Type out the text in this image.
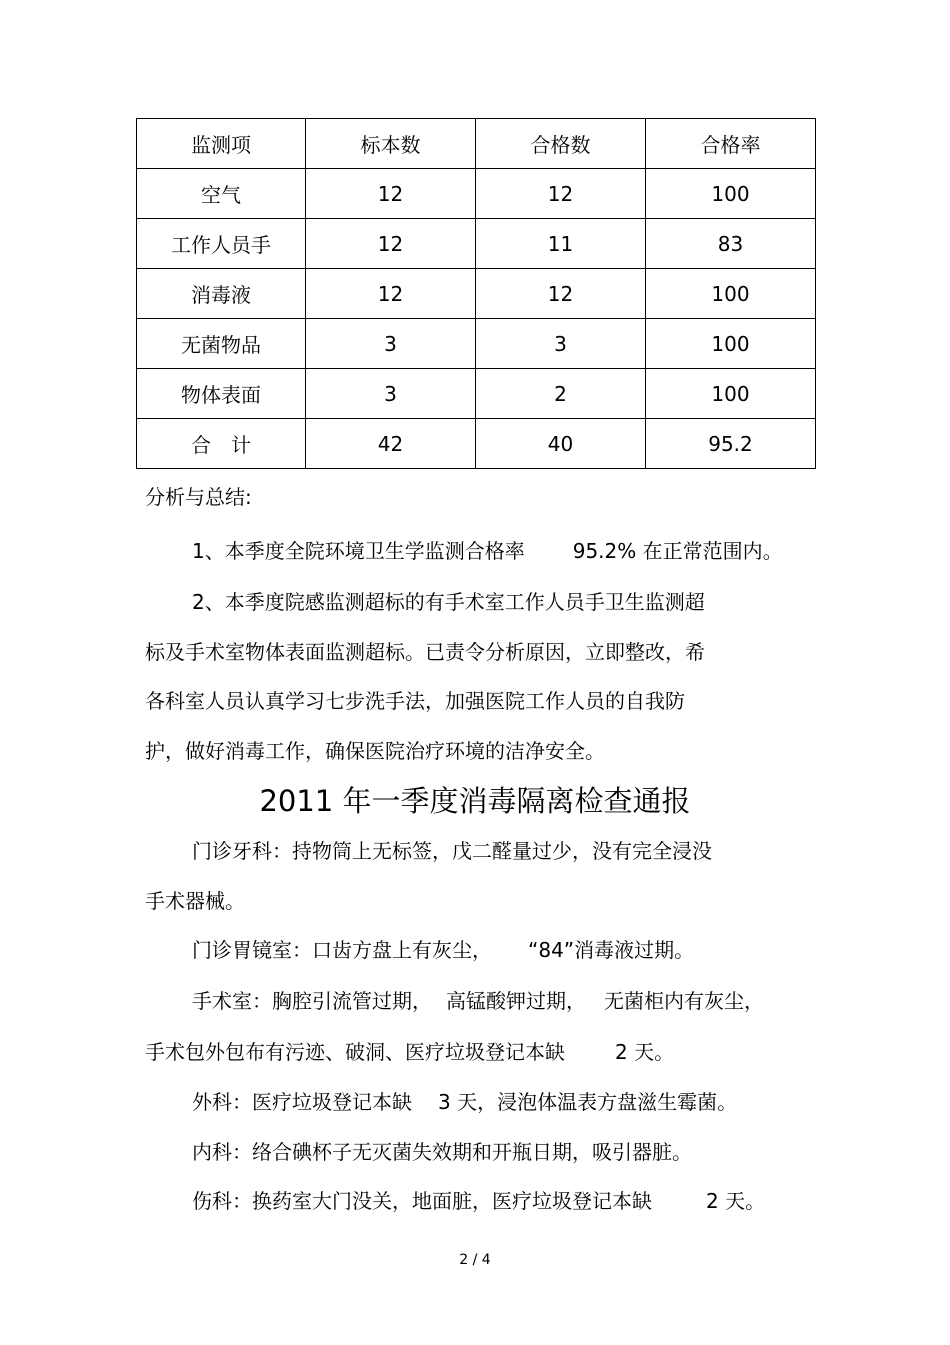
监测项	标本数	合格数	合格率
空气	12	12	100
工作人员手	12	11	83
消毒液	12	12	100
无菌物品	3	3	100
物体表面	3	2	100
合　计	42	40	95.2
分析与总结:
1、本季度全院环境卫生学监测合格率 95.2% 在正常范围内。
2、本季度院感监测超标的有手术室工作人员手卫生监测超
标及手术室物体表面监测超标。已责令分析原因，立即整改，希
各科室人员认真学习七步洗手法，加强医院工作人员的自我防
护，做好消毒工作，确保医院治疗环境的洁净安全。
2011 年一季度消毒隔离检查通报
门诊牙科：持物筒上无标签，戊二醛量过少，没有完全浸没
手术器械。
门诊胃镜室：口齿方盘上有灰尘， “84”消毒液过期。
手术室：胸腔引流管过期， 高锰酸钾过期， 无菌柜内有灰尘，
手术包外包布有污迹、破洞、医疗垃圾登记本缺	2 天。
外科：医疗垃圾登记本缺 3 天，浸泡体温表方盘滋生霉菌。
内科：络合碘杯子无灭菌失效期和开瓶日期，吸引器脏。
伤科：换药室大门没关，地面脏，医疗垃圾登记本缺	2 天。
2 / 4
